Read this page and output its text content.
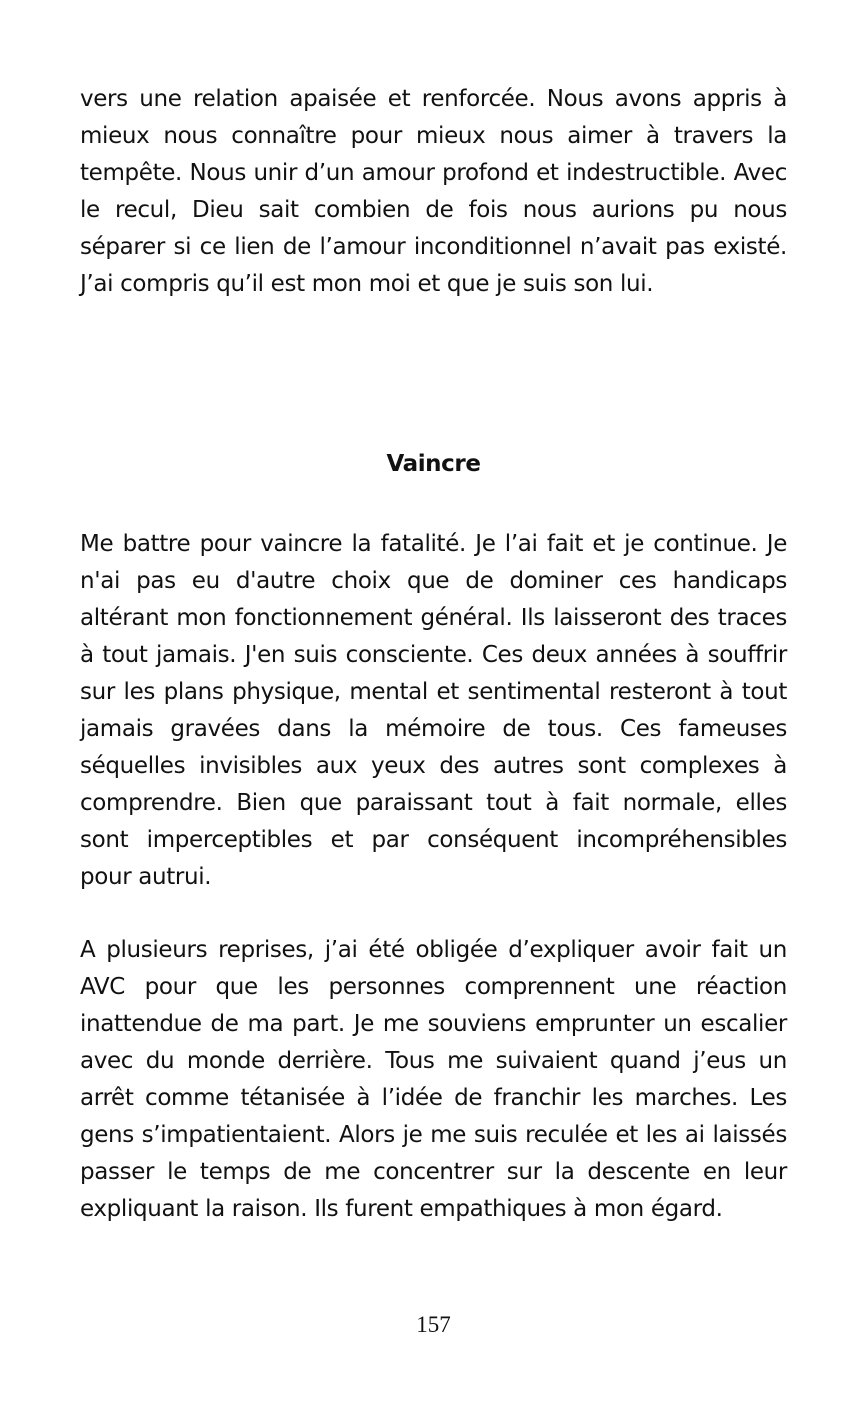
vers une relation apaisée et renforcée. Nous avons appris à mieux nous connaître pour mieux nous aimer à travers la tempête. Nous unir d’un amour profond et indestructible. Avec le recul, Dieu sait combien de fois nous aurions pu nous séparer si ce lien de l’amour inconditionnel n’avait pas existé. J’ai compris qu’il est mon moi et que je suis son lui.

Vaincre

Me battre pour vaincre la fatalité. Je l’ai fait et je continue. Je n'ai pas eu d'autre choix que de dominer ces handicaps altérant mon fonctionnement général. Ils laisseront des traces à tout jamais. J'en suis consciente. Ces deux années à souffrir sur les plans physique, mental et sentimental resteront à tout jamais gravées dans la mémoire de tous. Ces fameuses séquelles invisibles aux yeux des autres sont complexes à comprendre. Bien que paraissant tout à fait normale, elles sont imperceptibles et par conséquent incompréhensibles pour autrui.

A plusieurs reprises, j’ai été obligée d’expliquer avoir fait un AVC pour que les personnes comprennent une réaction inattendue de ma part. Je me souviens emprunter un escalier avec du monde derrière. Tous me suivaient quand j’eus un arrêt comme tétanisée à l’idée de franchir les marches. Les gens s’impatientaient. Alors je me suis reculée et les ai laissés passer le temps de me concentrer sur la descente en leur expliquant la raison. Ils furent empathiques à mon égard.

157
